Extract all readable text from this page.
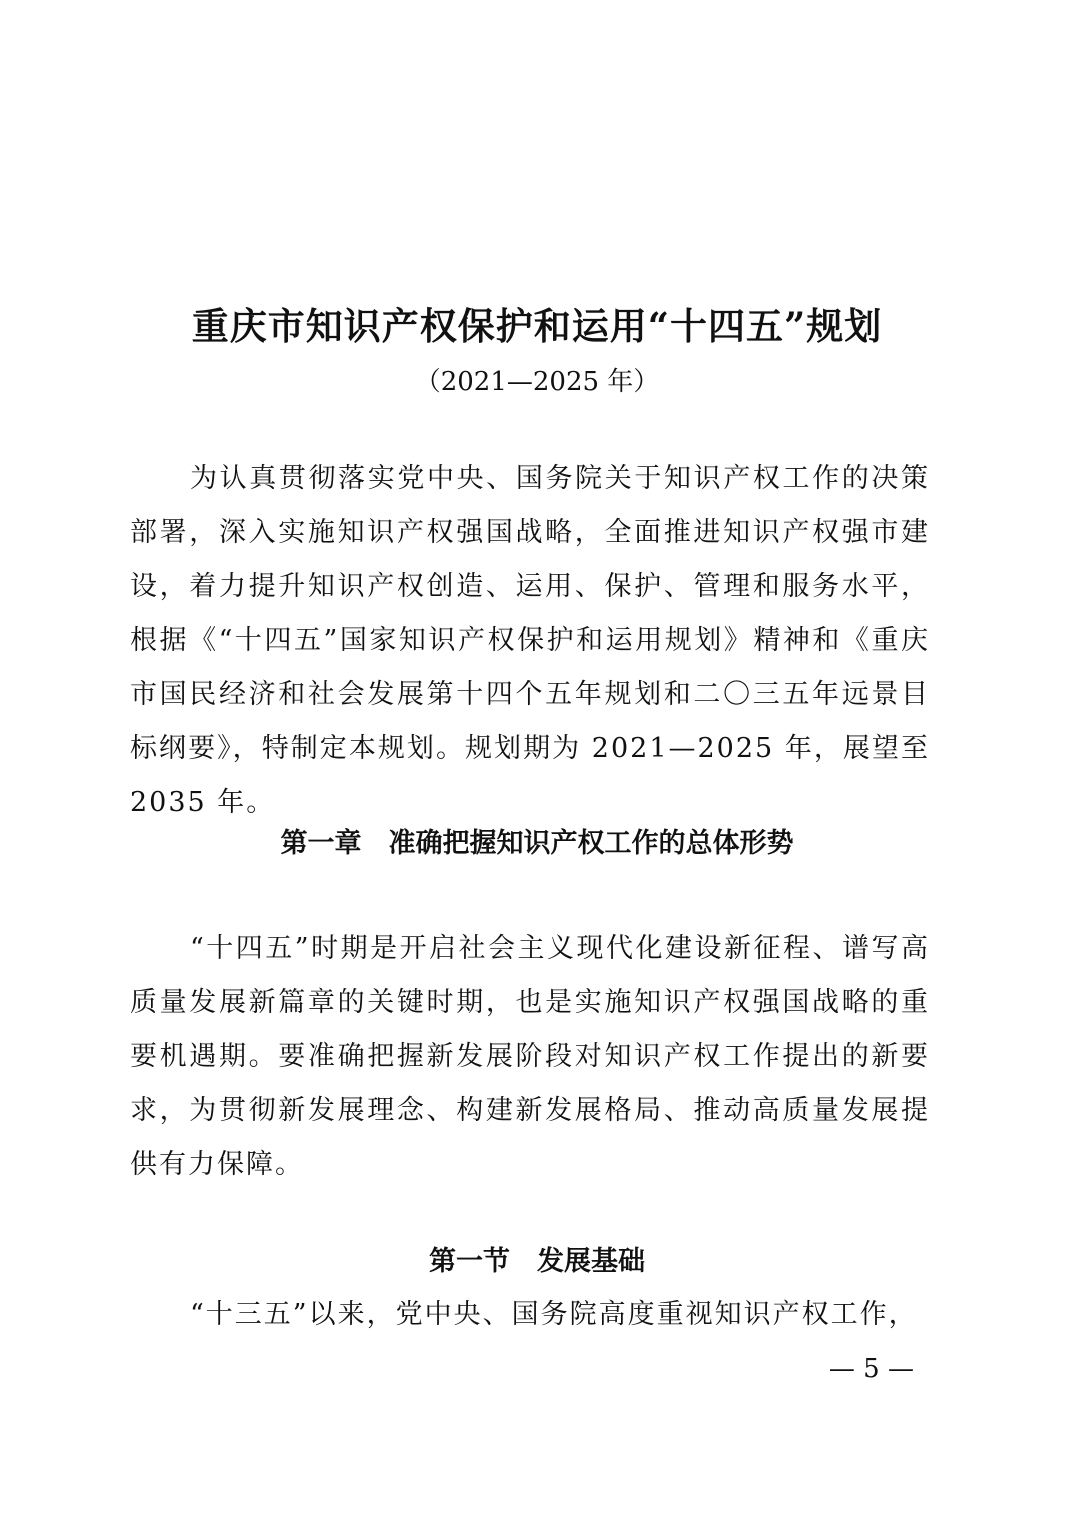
重庆市知识产权保护和运用“十四五”规划

（2021—2025 年）

为认真贯彻落实党中央、国务院关于知识产权工作的决策部署，深入实施知识产权强国战略，全面推进知识产权强市建设，着力提升知识产权创造、运用、保护、管理和服务水平，根据《“十四五”国家知识产权保护和运用规划》精神和《重庆市国民经济和社会发展第十四个五年规划和二〇三五年远景目标纲要》，特制定本规划。规划期为 2021—2025 年，展望至 2035 年。

第一章　准确把握知识产权工作的总体形势

“十四五”时期是开启社会主义现代化建设新征程、谱写高质量发展新篇章的关键时期，也是实施知识产权强国战略的重要机遇期。要准确把握新发展阶段对知识产权工作提出的新要求，为贯彻新发展理念、构建新发展格局、推动高质量发展提供有力保障。

第一节　发展基础

“十三五”以来，党中央、国务院高度重视知识产权工作，

— 5 —
